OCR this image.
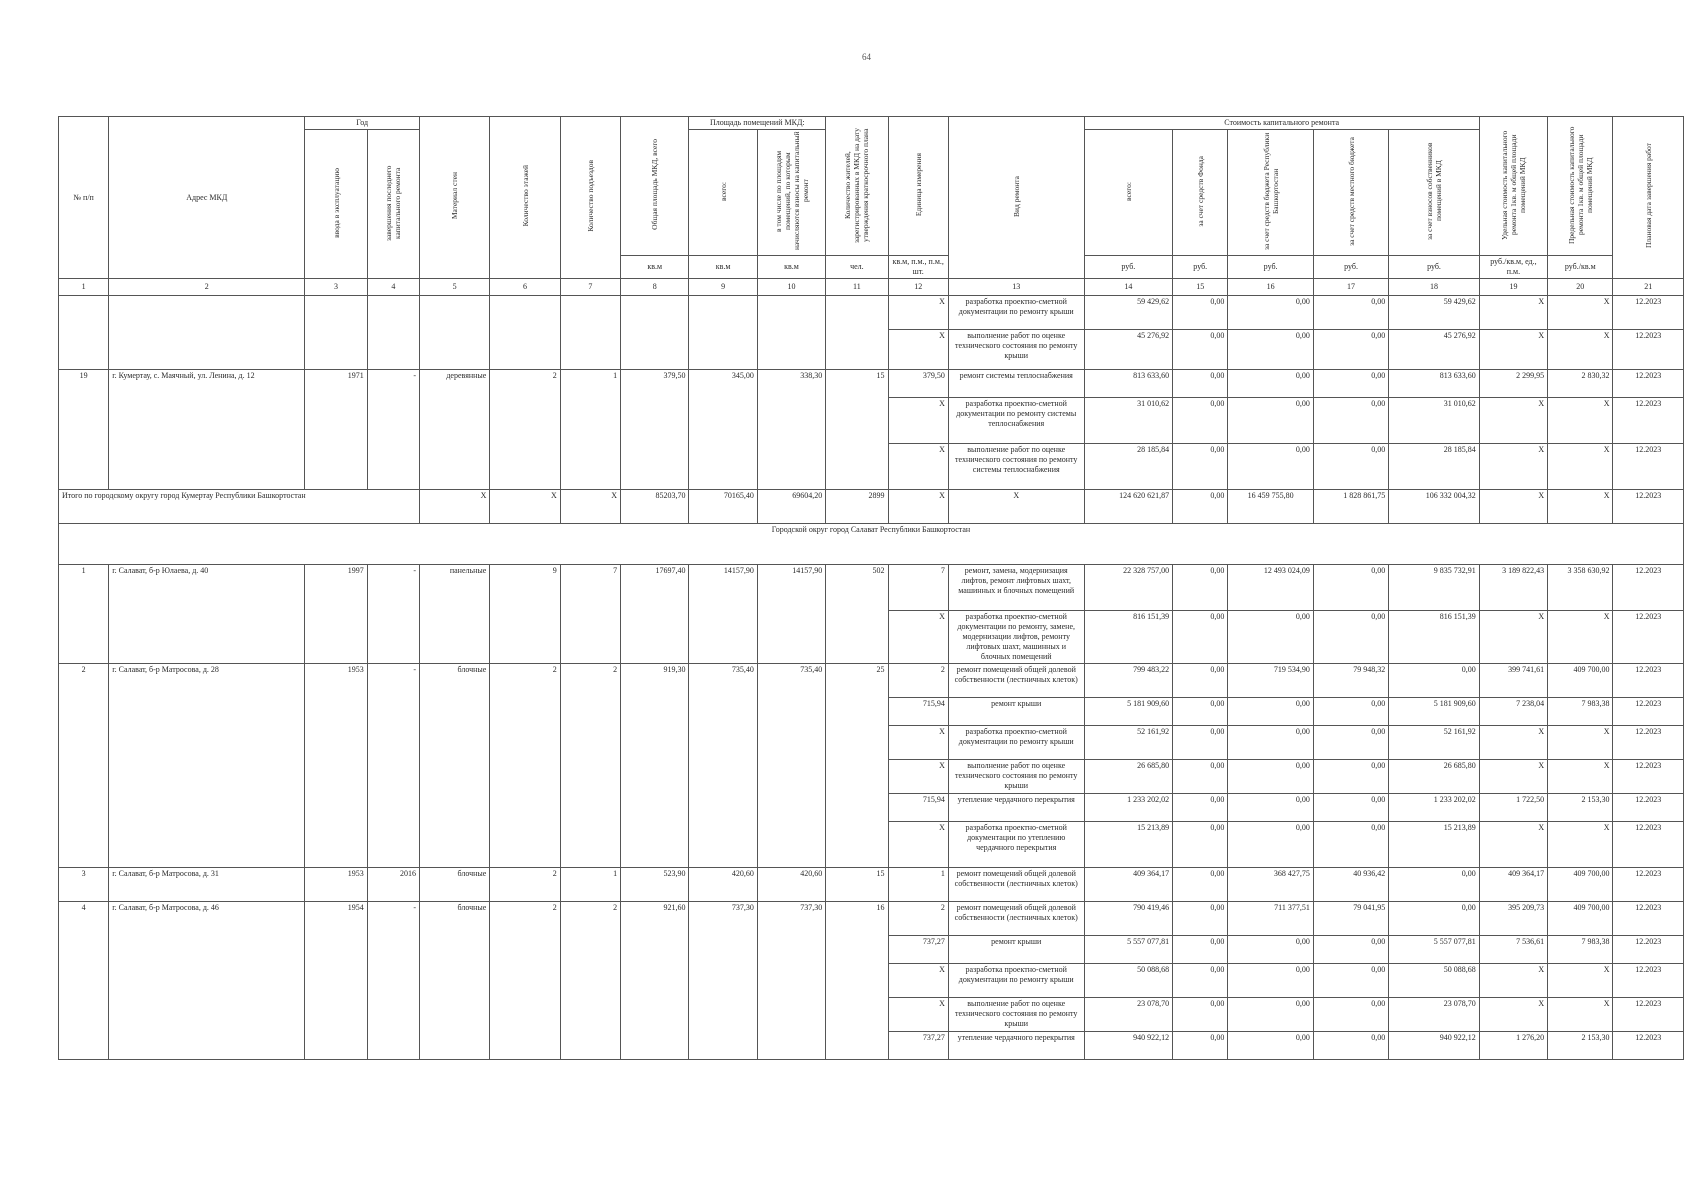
64
№ п/п	Адрес МКД	Год		Материал стен	Количество этажей	Количество подъездов	Общая площадь МКД, всего	Площадь помещений МКД:		Количество жителей, зарегистрированных в МКД на дату утверждения краткосрочного плана	Единица измерения	Вид ремонта	Стоимость капитального ремонта					Удельная стоимость капитального ремонта 1кв. м общей площади помещений МКД	Предельная стоимость капитального ремонта 1кв. м общей площади помещений МКД	Плановая дата завершения работ
		ввода в эксплуатацию	завершения последнего капитального ремонта					всего:	в том числе по площадям помещений, по которым начисляются взносы на капитальный ремонт				всего:	за счет средств Фонда	за счет средств бюджета Республики Башкортостан	за счет средств местного бюджета	за счет взносов собственников помещений в МКД			
							кв.м	кв.м	кв.м	чел.	кв.м, п.м., п.м., шт.		руб.	руб.	руб.	руб.	руб.	руб./кв.м, ед., п.м.	руб./кв.м	
1	2	3	4	5	6	7	8	9	10	11	12	13	14	15	16	17	18	19	20	21
											X	разработка проектно-сметной документации по ремонту крыши	59 429,62	0,00	0,00	0,00	59 429,62	X	X	12.2023
											X	выполнение работ по оценке технического состояния по ремонту крыши	45 276,92	0,00	0,00	0,00	45 276,92	X	X	12.2023
19	г. Кумертау, с. Маячный, ул. Ленина, д. 12	1971	-	деревянные	2	1	379,50	345,00	338,30	15	379,50	ремонт системы теплоснабжения	813 633,60	0,00	0,00	0,00	813 633,60	2 299,95	2 830,32	12.2023
											X	разработка проектно-сметной документации по ремонту системы теплоснабжения	31 010,62	0,00	0,00	0,00	31 010,62	X	X	12.2023
											X	выполнение работ по оценке технического состояния по ремонту системы теплоснабжения	28 185,84	0,00	0,00	0,00	28 185,84	X	X	12.2023
Итого по городскому округу город Кумертау Республики Башкортостан				X	X	X	85203,70	70165,40	69604,20	2899	X	X	124 620 621,87	0,00	16 459 755,80	1 828 861,75	106 332 004,32	X	X	12.2023
Городской округ город Салават Республики Башкортостан																				
1	г. Салават, б-р Юлаева, д. 40	1997	-	панельные	9	7	17697,40	14157,90	14157,90	502	7	ремонт, замена, модернизация лифтов, ремонт лифтовых шахт, машинных и блочных помещений	22 328 757,00	0,00	12 493 024,09	0,00	9 835 732,91	3 189 822,43	3 358 630,92	12.2023
											X	разработка проектно-сметной документации по ремонту, замене, модернизации лифтов, ремонту лифтовых шахт, машинных и блочных помещений	816 151,39	0,00	0,00	0,00	816 151,39	X	X	12.2023
2	г. Салават, б-р Матросова, д. 28	1953	-	блочные	2	2	919,30	735,40	735,40	25	2	ремонт помещений общей долевой собственности (лестничных клеток)	799 483,22	0,00	719 534,90	79 948,32	0,00	399 741,61	409 700,00	12.2023
											715,94	ремонт крыши	5 181 909,60	0,00	0,00	0,00	5 181 909,60	7 238,04	7 983,38	12.2023
											X	разработка проектно-сметной документации по ремонту крыши	52 161,92	0,00	0,00	0,00	52 161,92	X	X	12.2023
											X	выполнение работ по оценке технического состояния по ремонту крыши	26 685,80	0,00	0,00	0,00	26 685,80	X	X	12.2023
											715,94	утепление чердачного перекрытия	1 233 202,02	0,00	0,00	0,00	1 233 202,02	1 722,50	2 153,30	12.2023
											X	разработка проектно-сметной документации по утеплению чердачного перекрытия	15 213,89	0,00	0,00	0,00	15 213,89	X	X	12.2023
3	г. Салават, б-р Матросова, д. 31	1953	2016	блочные	2	1	523,90	420,60	420,60	15	1	ремонт помещений общей долевой собственности (лестничных клеток)	409 364,17	0,00	368 427,75	40 936,42	0,00	409 364,17	409 700,00	12.2023
4	г. Салават, б-р Матросова, д. 46	1954	-	блочные	2	2	921,60	737,30	737,30	16	2	ремонт помещений общей долевой собственности (лестничных клеток)	790 419,46	0,00	711 377,51	79 041,95	0,00	395 209,73	409 700,00	12.2023
											737,27	ремонт крыши	5 557 077,81	0,00	0,00	0,00	5 557 077,81	7 536,61	7 983,38	12.2023
											X	разработка проектно-сметной документации по ремонту крыши	50 088,68	0,00	0,00	0,00	50 088,68	X	X	12.2023
											X	выполнение работ по оценке технического состояния по ремонту крыши	23 078,70	0,00	0,00	0,00	23 078,70	X	X	12.2023
											737,27	утепление чердачного перекрытия	940 922,12	0,00	0,00	0,00	940 922,12	1 276,20	2 153,30	12.2023
